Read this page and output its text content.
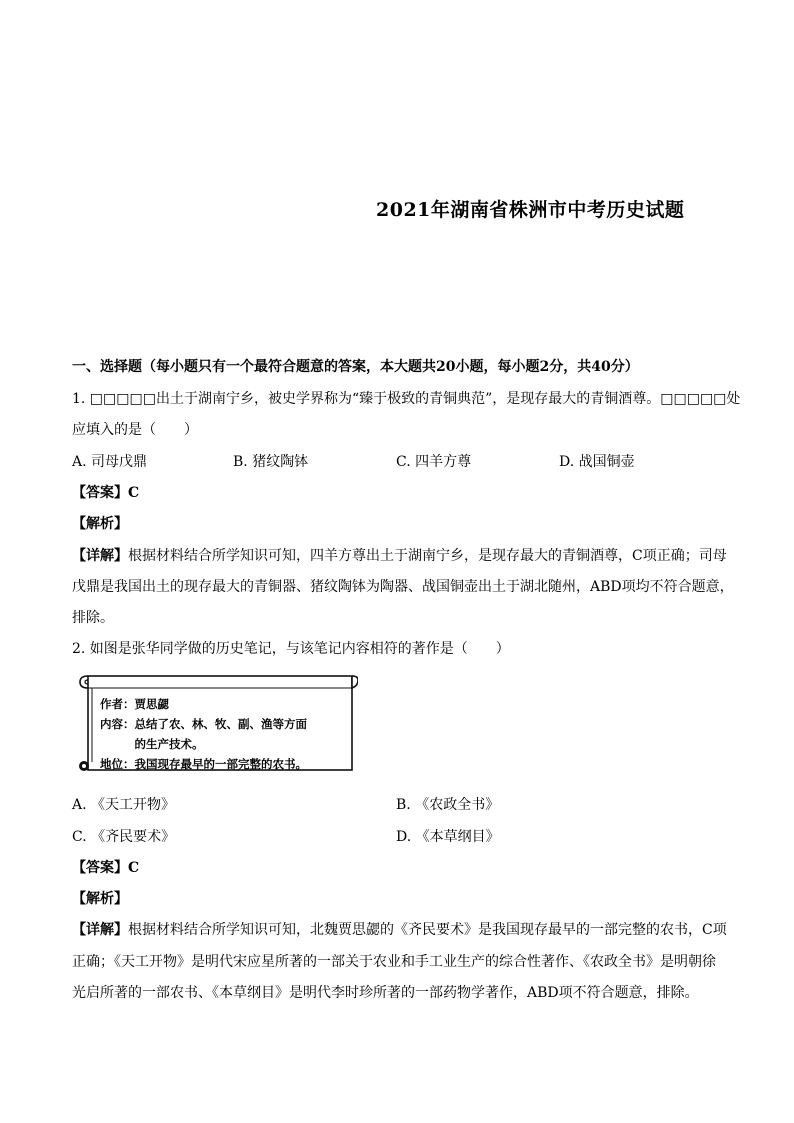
2021年湖南省株洲市中考历史试题
一、选择题（每小题只有一个最符合题意的答案，本大题共20小题，每小题2分，共40分）
1. □□□□□出土于湖南宁乡，被史学界称为“臻于极致的青铜典范”，是现存最大的青铜酒尊。□□□□□处
应填入的是（　　）
A. 司母戊鼎	B. 猪纹陶钵	C. 四羊方尊	D. 战国铜壶
【答案】C
【解析】
【详解】根据材料结合所学知识可知，四羊方尊出土于湖南宁乡，是现存最大的青铜酒尊，C项正确；司母
戊鼎是我国出土的现存最大的青铜器、猪纹陶钵为陶器、战国铜壶出土于湖北随州，ABD项均不符合题意，
排除。
2. 如图是张华同学做的历史笔记，与该笔记内容相符的著作是（　　）
作者：贾思勰
内容：总结了农、林、牧、副、渔等方面
　　　的生产技术。
地位：我国现存最早的一部完整的农书。
A. 《天工开物》	B. 《农政全书》
C. 《齐民要术》	D. 《本草纲目》
【答案】C
【解析】
【详解】根据材料结合所学知识可知，北魏贾思勰的《齐民要术》是我国现存最早的一部完整的农书，C项
正确；《天工开物》是明代宋应星所著的一部关于农业和手工业生产的综合性著作、《农政全书》是明朝徐
光启所著的一部农书、《本草纲目》是明代李时珍所著的一部药物学著作，ABD项不符合题意，排除。
